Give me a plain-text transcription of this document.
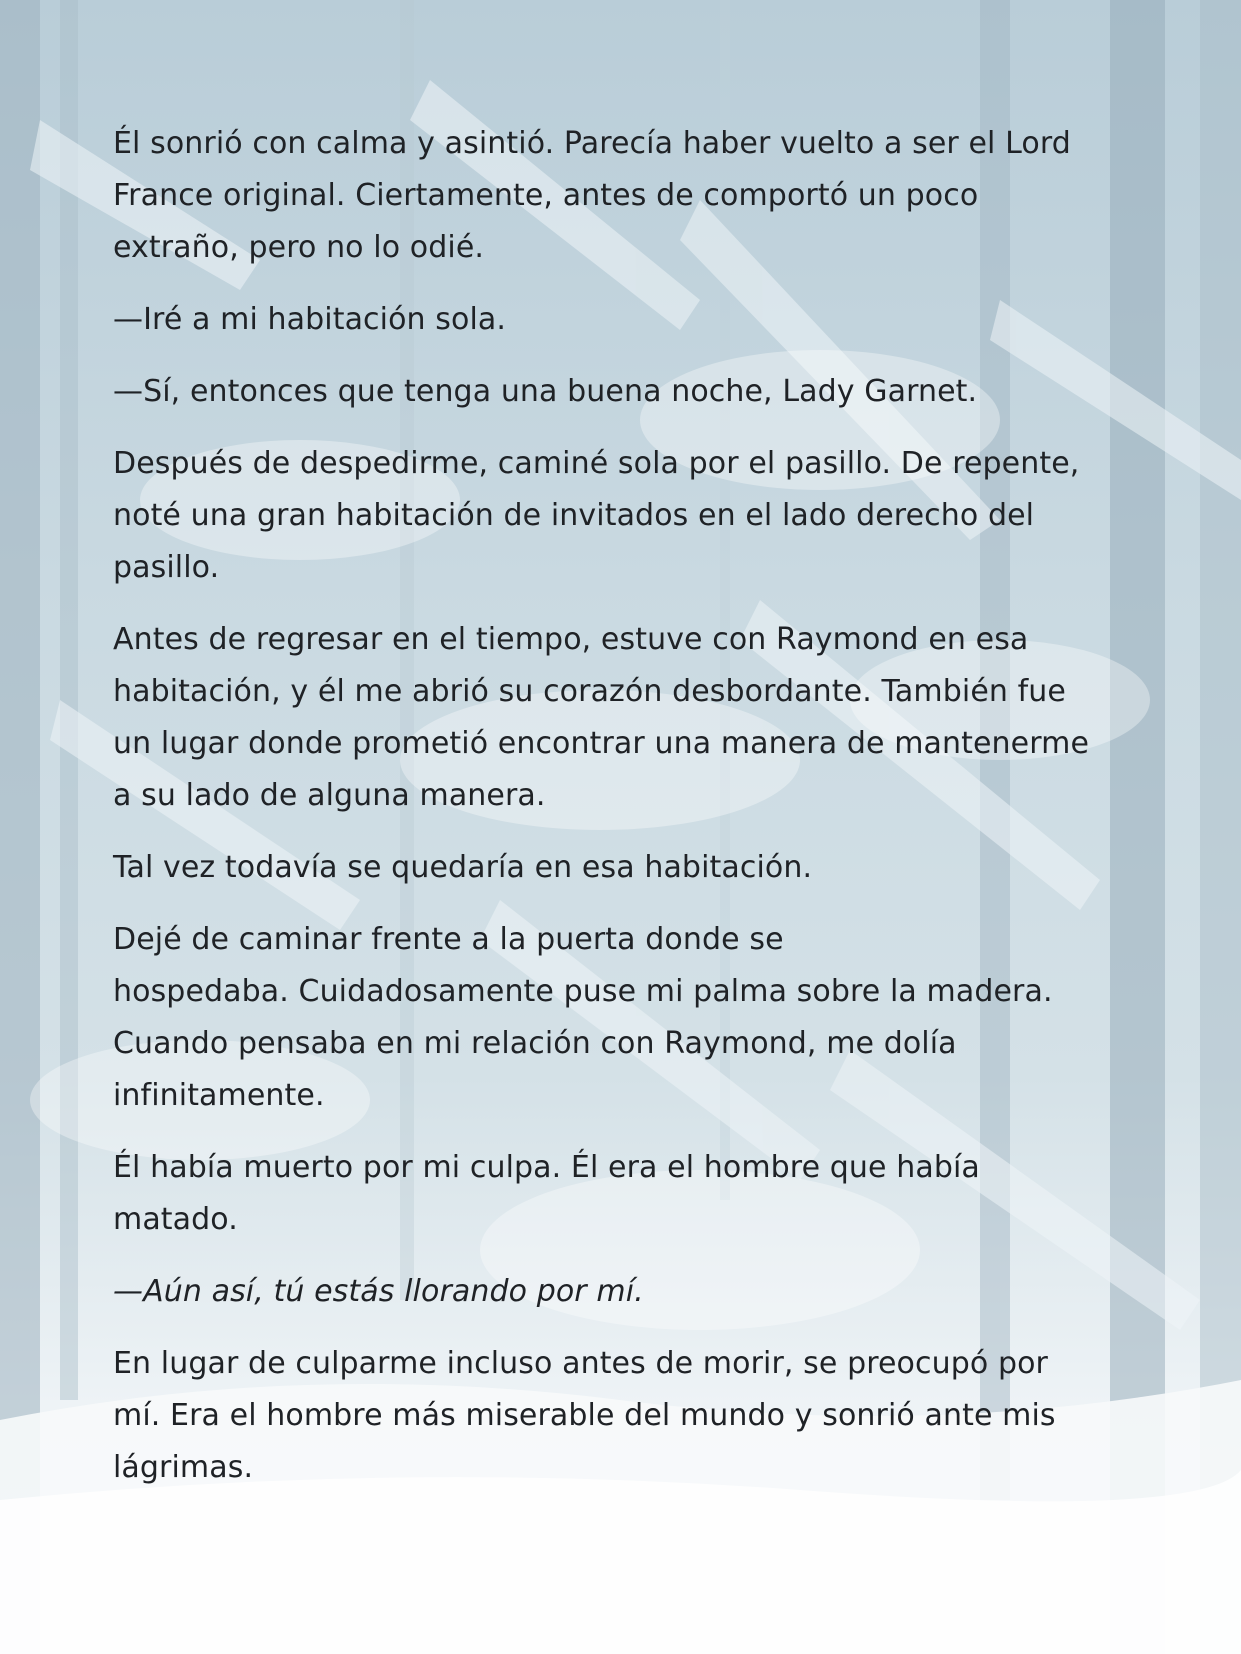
Él sonrió con calma y asintió. Parecía haber vuelto a ser el Lord
France original. Ciertamente, antes de comportó un poco
extraño, pero no lo odié.

—Iré a mi habitación sola.

—Sí, entonces que tenga una buena noche, Lady Garnet.

Después de despedirme, caminé sola por el pasillo. De repente,
noté una gran habitación de invitados en el lado derecho del
pasillo.

Antes de regresar en el tiempo, estuve con Raymond en esa
habitación, y él me abrió su corazón desbordante. También fue
un lugar donde prometió encontrar una manera de mantenerme
a su lado de alguna manera.

Tal vez todavía se quedaría en esa habitación.

Dejé de caminar frente a la puerta donde se
hospedaba. Cuidadosamente puse mi palma sobre la madera.
Cuando pensaba en mi relación con Raymond, me dolía
infinitamente.

Él había muerto por mi culpa. Él era el hombre que había
matado.

—Aún así, tú estás llorando por mí.

En lugar de culparme incluso antes de morir, se preocupó por
mí. Era el hombre más miserable del mundo y sonrió ante mis
lágrimas.
